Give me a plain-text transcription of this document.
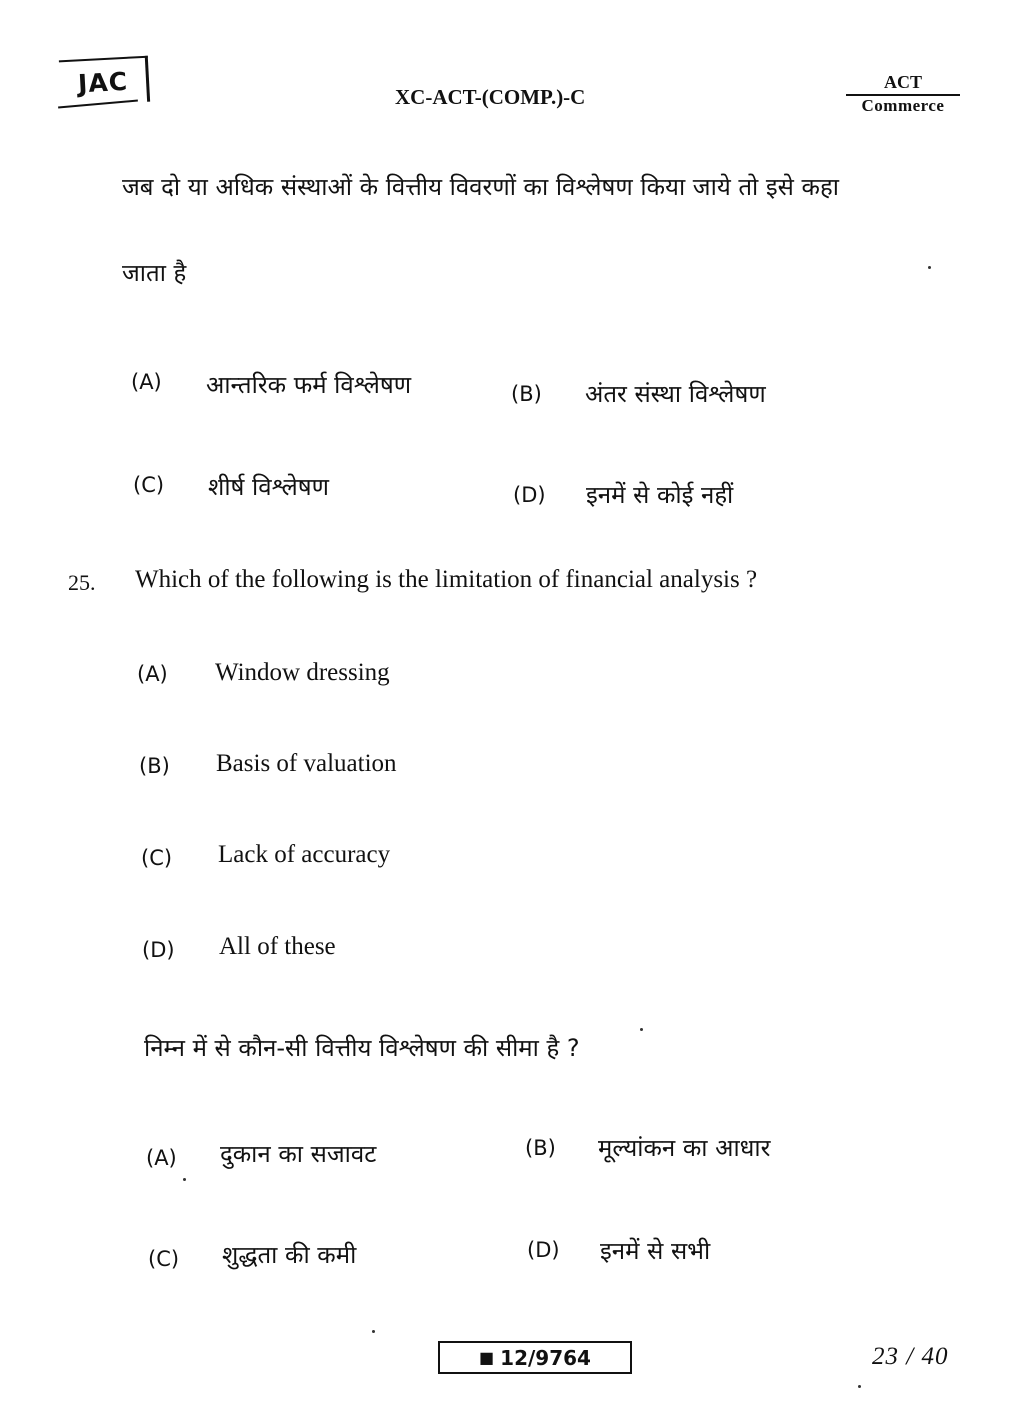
JAC	XC-ACT-(COMP.)-C
ACT
Commerce
जब दो या अधिक संस्थाओं के वित्तीय विवरणों का विश्लेषण किया जाये तो इसे कहा
जाता है
(A) आन्तरिक फर्म विश्लेषण	(B) अंतर संस्था विश्लेषण
(C) शीर्ष विश्लेषण	(D) इनमें से कोई नहीं
25. Which of the following is the limitation of financial analysis ?
(A) Window dressing
(B) Basis of valuation
(C) Lack of accuracy
(D) All of these
निम्न में से कौन-सी वित्तीय विश्लेषण की सीमा है ?
(A) दुकान का सजावट	(B) मूल्यांकन का आधार
(C) शुद्धता की कमी	(D) इनमें से सभी
■ 12/9764	23 / 40
